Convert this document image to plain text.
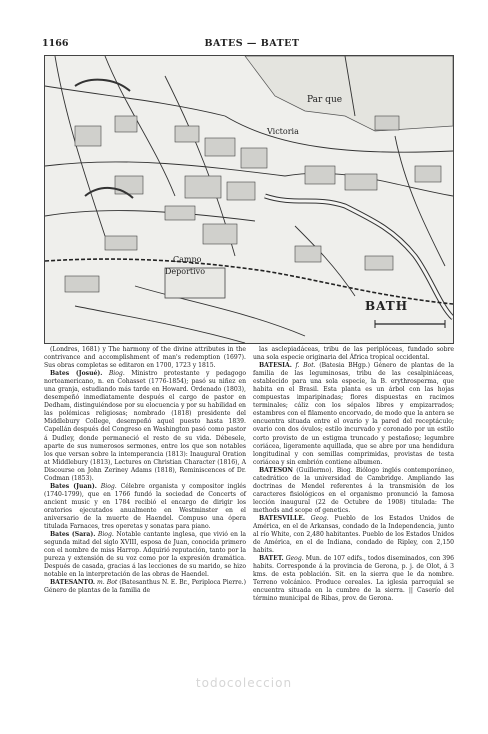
1166	BATES — BATET
Par que
Victoria
Campo
Deportivo
BATH

(Londres, 1681) y The harmony of the divine attributes in the contrivance and accomplishment of man's redemption (1697). Sus obras completas se editaron en 1700, 1723 y 1815.

Bates (Josué). Biog. Ministro protestante y pedagogo norteamericano, n. en Cohasset (1776-1854); pasó su niñez en una granja, estudiando más tarde en Howard. Ordenado (1803), desempeñó inmediatamente después el cargo de pastor en Dedham, distinguiéndose por su elocuencia y por su habilidad en las polémicas religiosas; nombrado (1818) presidente del Middlebury College, desempeñó aquel puesto hasta 1839. Capellán después del Congreso en Washington pasó como pastor á Dudley, donde permaneció el resto de su vida. Débesele, aparte de sus numerosos sermones, entre los que son notables los que versan sobre la intemperancia (1813): Inaugural Oration at Middlebury (1813), Lectures on Christian Character (1816), A Discourse on John Zeriney Adams (1818), Reminiscences of Dr. Codman (1853).

Bates (Juan). Biog. Célebre organista y compositor inglés (1740-1799), que en 1766 fundó la sociedad de Concerts of ancient music y en 1784 recibió el encargo de dirigir los oratorios ejecutados anualmente en Westminster en el aniversario de la muerte de Haendel. Compuso una ópera titulada Farnaces, tres operetas y sonatas para piano.

Bates (Sara). Biog. Notable cantante inglesa, que vivió en la segunda mitad del siglo XVIII, esposa de Juan, conocida primero con el nombre de miss Harrop. Adquirió reputación, tanto por la pureza y extensión de su voz como por la expresión dramática. Después de casada, gracias á las lecciones de su marido, se hizo notable en la interpretación de las obras de Haendel.

BATESANTO. m. Bot (Batesanthus N. E. Br., Periploca Pierre.) Género de plantas de la familia de

las asclepiadáceas, tribu de las periplóceas, fundado sobre una sola especie originaria del África tropical occidental.

BATESIA. f. Bot. (Batesia BHgp.) Género de plantas de la familia de las leguminosas, tribu de las cesalpiniáceas, establecido para una sola especie, la B. erythrosperma, que habita en el Brasil. Esta planta es un árbol con las hojas compuestas imparipinadas; flores dispuestas en racimos terminales; cáliz con los sépalos libres y empizarrados; estambres con el filamento encorvado, de modo que la antera se encuentra situada entre el ovario y la pared del receptáculo; ovario con dos óvulos; estilo incurvado y coronado por un estilo corto provisto de un estigma truncado y pestañoso; legumbre coriácea, ligeramente aquillada, que se abre por una hendidura longitudinal y con semillas comprimidas, provistas de testa coriácea y sin embrión contiene albumen.

BATESON (Guillermo). Biog. Biólogo inglés contemporáneo, catedrático de la universidad de Cambridge. Ampliando las doctrinas de Mendel referentes á la transmisión de los caracteres fisiológicos en el organismo pronunció la famosa lección inaugural (22 de Octubre de 1908) titulada: The methods and scope of genetics.

BATESVILLE. Geog. Pueblo de los Estados Unidos de América, en el de Arkansas, condado de la Independencia, junto al río White, con 2,480 habitantes. Pueblo de los Estados Unidos de América, en el de Indiana, condado de Ripley, con 2,150 habits.

BATET. Geog. Mun. de 107 edifs., todos diseminados, con 396 habits. Corresponde á la provincia de Gerona, p. j. de Olot, á 3 kms. de esta población. Sit. en la sierra que le da nombre. Terreno volcánico. Produce cereales. La iglesia parroquial se encuentra situada en la cumbre de la sierra. || Caserío del término municipal de Ribas, prov. de Gerona.

todocoleccion
